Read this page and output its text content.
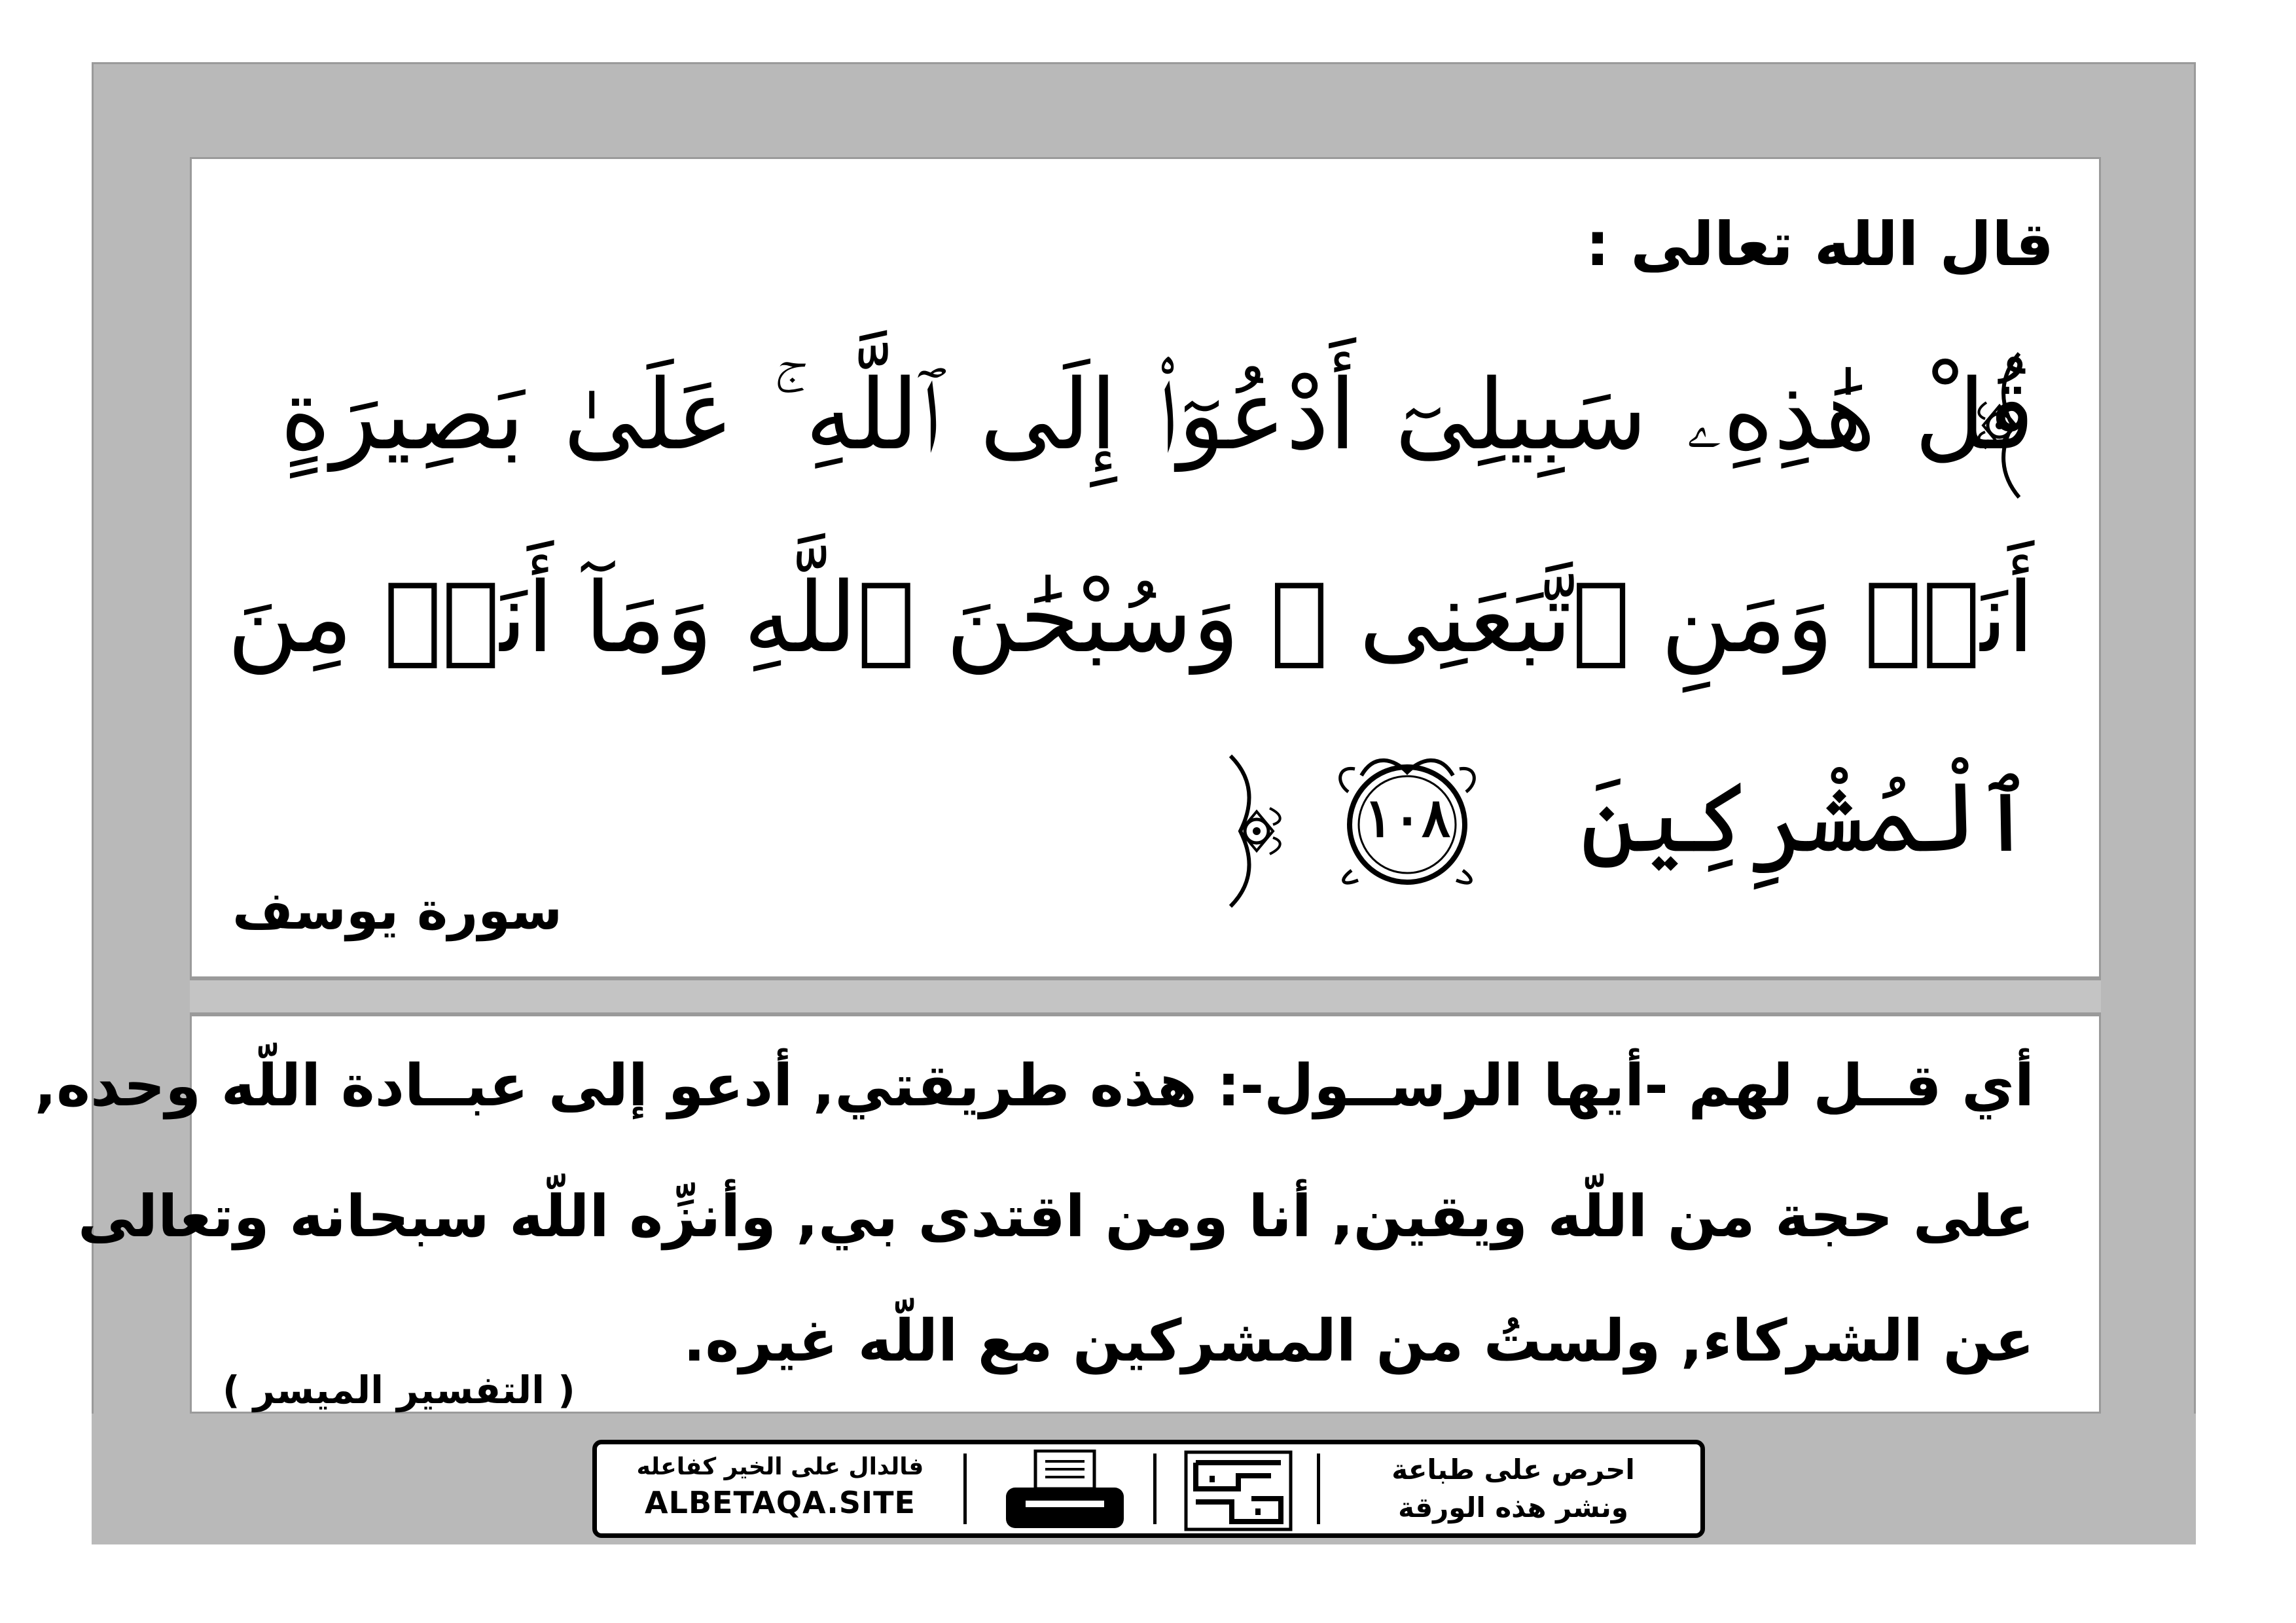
قال الله تعالى :
قُلْ هَٰذِهِۦ سَبِيلِىٓ أَدْعُوٓا۟ إِلَى ٱللَّهِ ۚ عَلَىٰ بَصِيرَةٍ
أَنَا۠ وَمَنِ ٱتَّبَعَنِى ۖ وَسُبْحَٰنَ ٱللَّهِ وَمَآ أَنَا۠ مِنَ
ٱلْمُشْرِكِينَ
١٠٨
سورة يوسف
أي قــل لهم -أيها الرســول-: هذه طريقتي, أدعو إلى عبــادة اللّه وحده,
على حجة من اللّه ويقين, أنا ومن اقتدى بي, وأنزِّه اللّه سبحانه وتعالى
عن الشركاء, ولستُ من المشركين مع اللّه غيره.
( التفسير الميسر )
فالدال على الخير كفاعله
ALBETAQA.SITE
احرص على طباعة
ونشر هذه الورقة
